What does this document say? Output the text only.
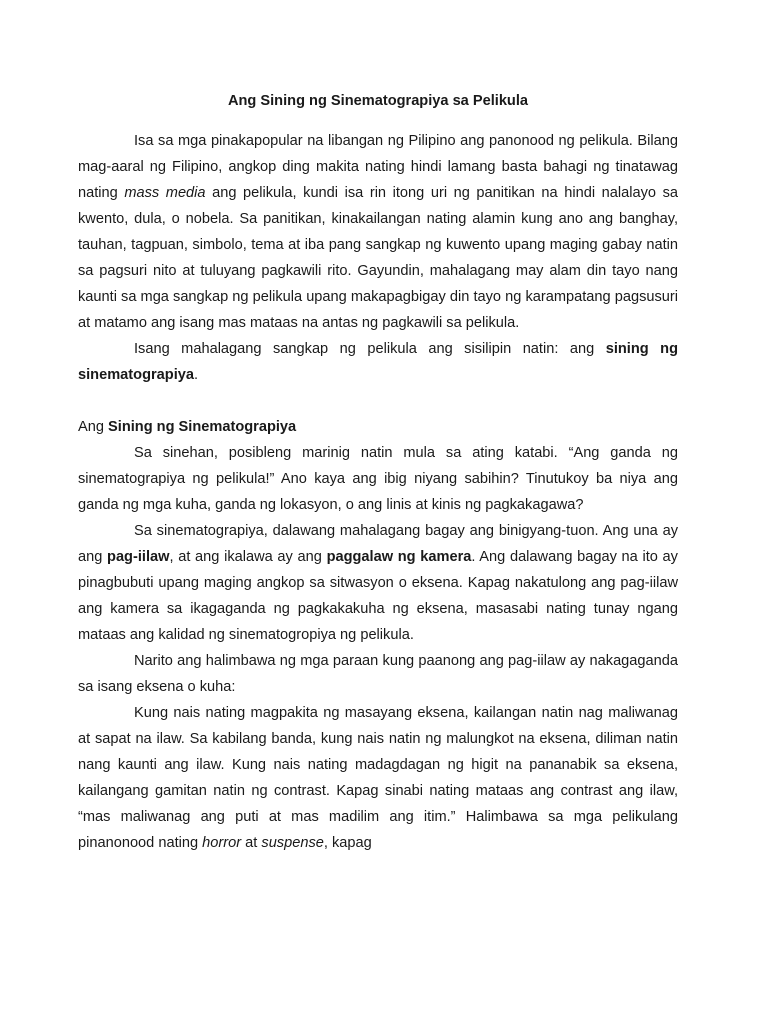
Ang Sining ng Sinematograpiya sa Pelikula

Isa sa mga pinakapopular na libangan ng Pilipino ang panonood ng pelikula. Bilang mag-aaral ng Filipino, angkop ding makita nating hindi lamang basta bahagi ng tinatawag nating mass media ang pelikula, kundi isa rin itong uri ng panitikan na hindi nalalayo sa kwento, dula, o nobela. Sa panitikan, kinakailangan nating alamin kung ano ang banghay, tauhan, tagpuan, simbolo, tema at iba pang sangkap ng kuwento upang maging gabay natin sa pagsuri nito at tuluyang pagkawili rito. Gayundin, mahalagang may alam din tayo nang kaunti sa mga sangkap ng pelikula upang makapagbigay din tayo ng karampatang pagsusuri at matamo ang isang mas mataas na antas ng pagkawili sa pelikula.

Isang mahalagang sangkap ng pelikula ang sisilipin natin: ang sining ng sinematograpiya.

Ang Sining ng Sinematograpiya

Sa sinehan, posibleng marinig natin mula sa ating katabi. “Ang ganda ng sinematograpiya ng pelikula!” Ano kaya ang ibig niyang sabihin? Tinutukoy ba niya ang ganda ng mga kuha, ganda ng lokasyon, o ang linis at kinis ng pagkakagawa?

Sa sinematograpiya, dalawang mahalagang bagay ang binigyang-tuon. Ang una ay ang pag-iilaw, at ang ikalawa ay ang paggalaw ng kamera. Ang dalawang bagay na ito ay pinagbubuti upang maging angkop sa sitwasyon o eksena. Kapag nakatulong ang pag-iilaw ang kamera sa ikagaganda ng pagkakakuha ng eksena, masasabi nating tunay ngang mataas ang kalidad ng sinematogropiya ng pelikula.

Narito ang halimbawa ng mga paraan kung paanong ang pag-iilaw ay nakagaganda sa isang eksena o kuha:

Kung nais nating magpakita ng masayang eksena, kailangan natin nag maliwanag at sapat na ilaw. Sa kabilang banda, kung nais natin ng malungkot na eksena, diliman natin nang kaunti ang ilaw. Kung nais nating madagdagan ng higit na pananabik sa eksena, kailangang gamitan natin ng contrast. Kapag sinabi nating mataas ang contrast ang ilaw, “mas maliwanag ang puti at mas madilim ang itim.” Halimbawa sa mga pelikulang pinanonood nating horror at suspense, kapag
